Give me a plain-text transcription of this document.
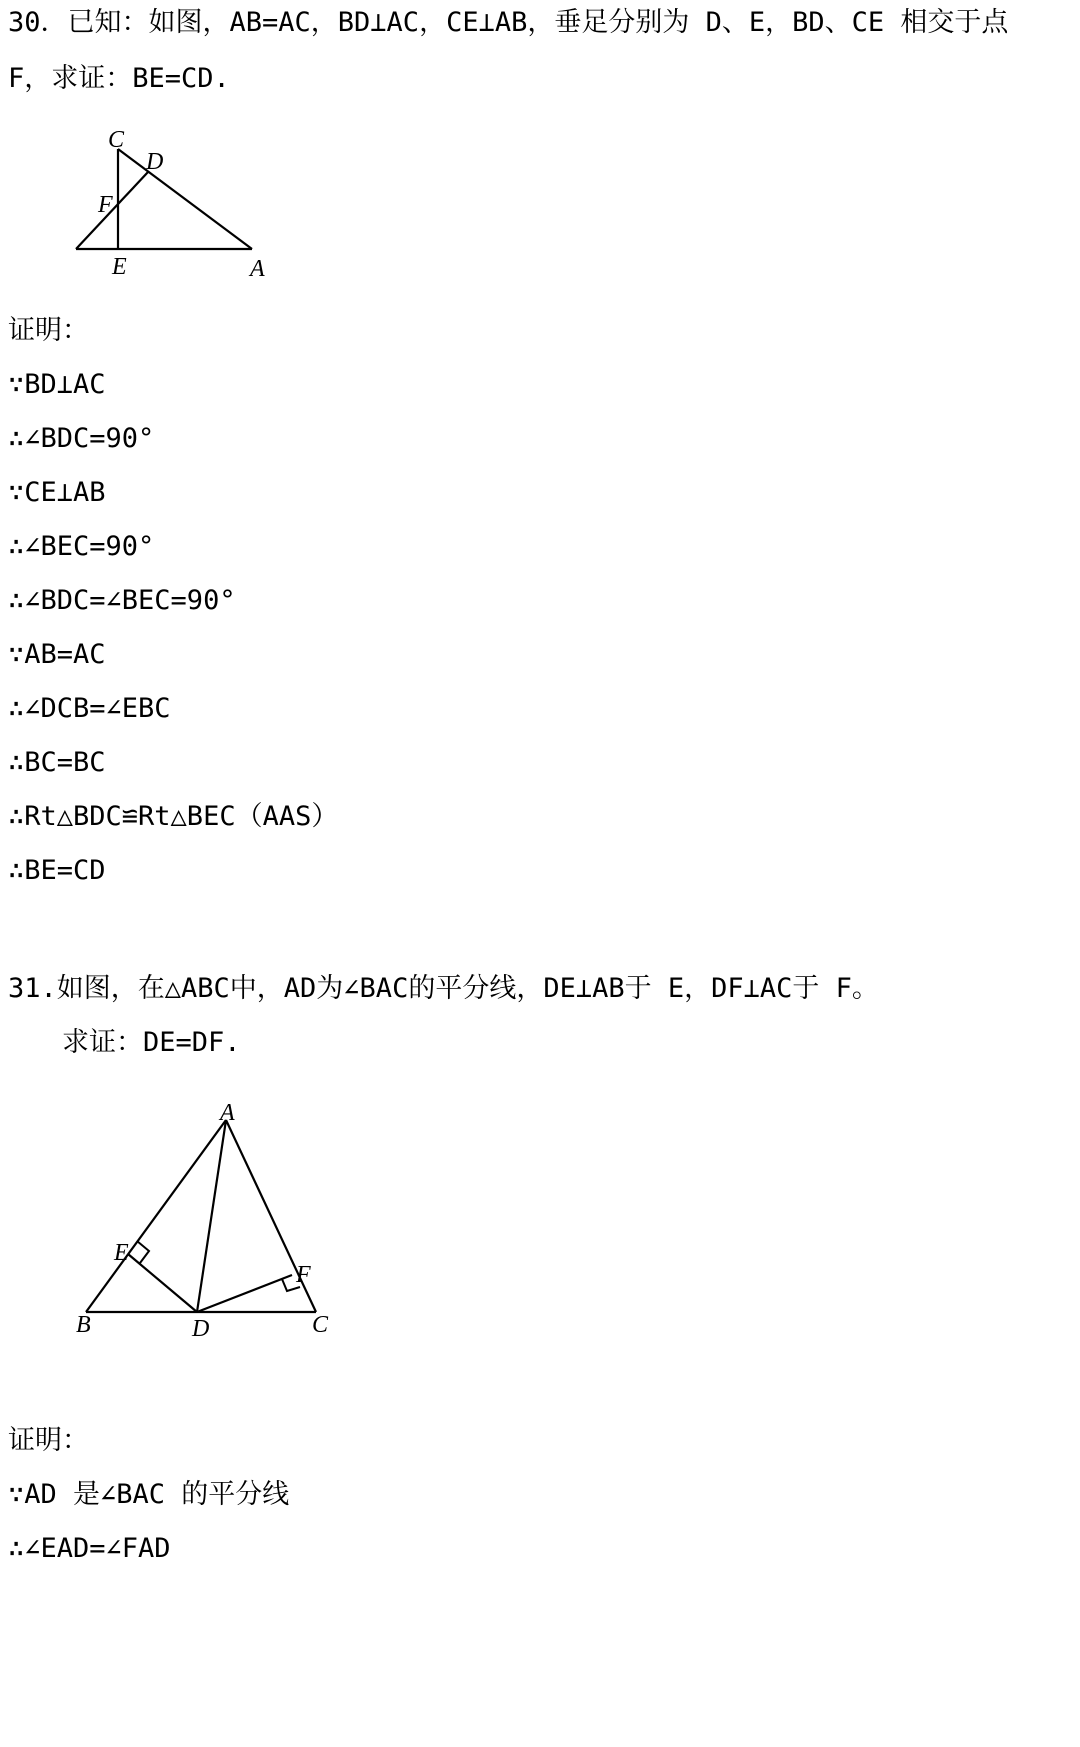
30．已知：如图，AB=AC，BD⊥AC，CE⊥AB，垂足分别为 D、E，BD、CE 相交于点
F，求证：BE=CD.
C
D
F
E	A
证明：
∵BD⊥AC
∴∠BDC=90°
∵CE⊥AB
∴∠BEC=90°
∴∠BDC=∠BEC=90°
∵AB=AC
∴∠DCB=∠EBC
∴BC=BC
∴Rt△BDC≌Rt△BEC（AAS）
∴BE=CD
31.如图，在△ABC中，AD为∠BAC的平分线，DE⊥AB于 E，DF⊥AC于 F。
求证：DE=DF.
A
E
F
B	D	C
证明：
∵AD 是∠BAC 的平分线
∴∠EAD=∠FAD
